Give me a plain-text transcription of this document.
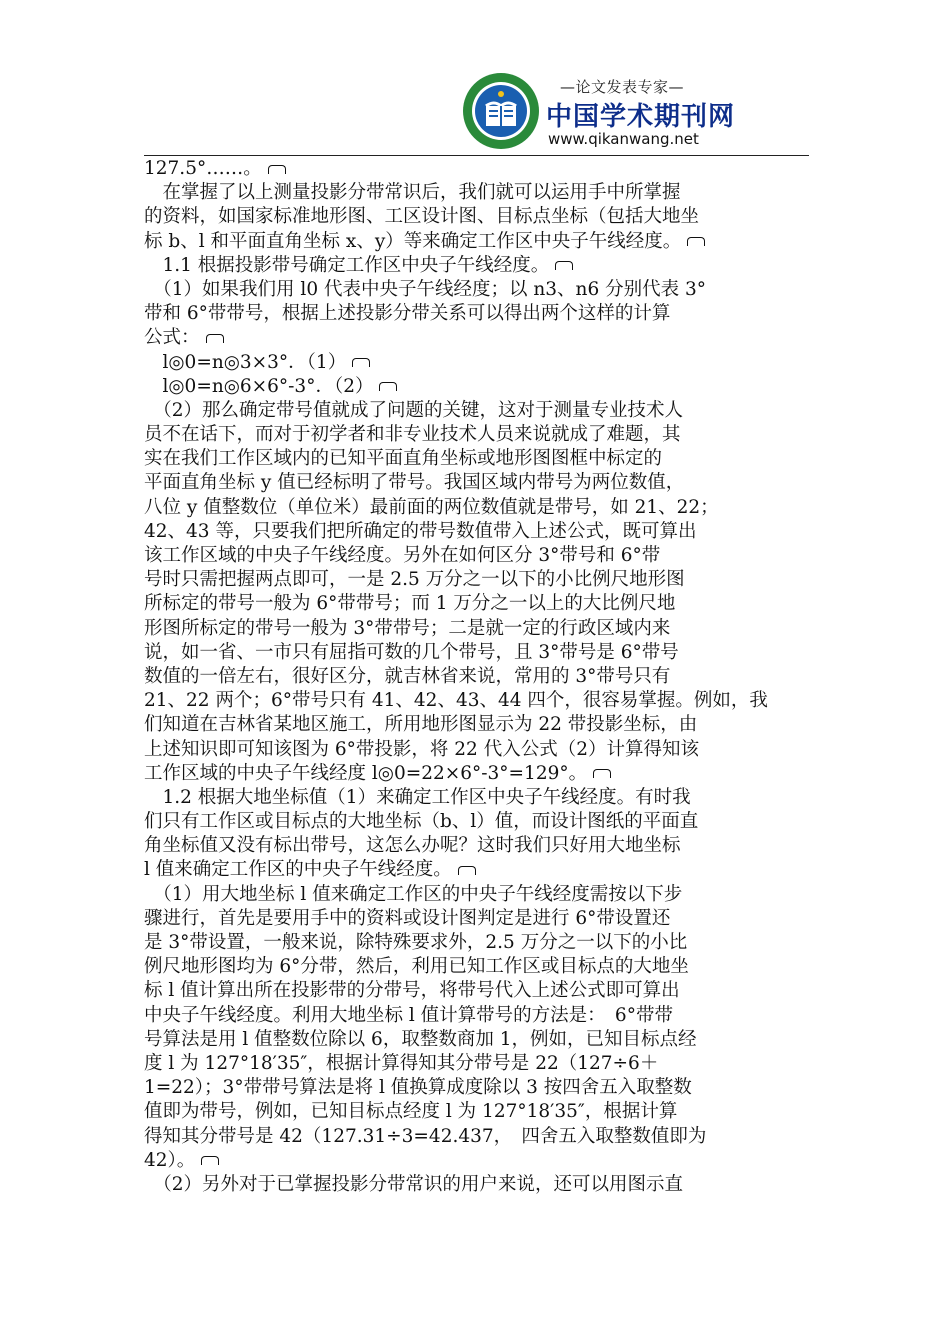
—论文发表专家—
中国学术期刊网
www.qikanwang.net
127.5°……。
　在掌握了以上测量投影分带常识后，我们就可以运用手中所掌握
的资料，如国家标准地形图、工区设计图、目标点坐标（包括大地坐
标 b、l 和平面直角坐标 x、y）等来确定工作区中央子午线经度。
　1.1 根据投影带号确定工作区中央子午线经度。
　（1）如果我们用 l0 代表中央子午线经度；以 n3、n6 分别代表 3°
带和 6°带带号，根据上述投影分带关系可以得出两个这样的计算
公式：
　l◎0=n◎3×3°．（1）
　l◎0=n◎6×6°-3°．（2）
　（2）那么确定带号值就成了问题的关键，这对于测量专业技术人
员不在话下，而对于初学者和非专业技术人员来说就成了难题，其
实在我们工作区域内的已知平面直角坐标或地形图图框中标定的
平面直角坐标 y 值已经标明了带号。我国区域内带号为两位数值，
八位 y 值整数位（单位米）最前面的两位数值就是带号，如 21、22；
42、43 等，只要我们把所确定的带号数值带入上述公式，既可算出
该工作区域的中央子午线经度。另外在如何区分 3°带号和 6°带
号时只需把握两点即可，一是 2.5 万分之一以下的小比例尺地形图
所标定的带号一般为 6°带带号；而 1 万分之一以上的大比例尺地
形图所标定的带号一般为 3°带带号；二是就一定的行政区域内来
说，如一省、一市只有屈指可数的几个带号，且 3°带号是 6°带号
数值的一倍左右，很好区分，就吉林省来说，常用的 3°带号只有
21、22 两个；6°带号只有 41、42、43、44 四个，很容易掌握。例如，我
们知道在吉林省某地区施工，所用地形图显示为 22 带投影坐标，由
上述知识即可知该图为 6°带投影，将 22 代入公式（2）计算得知该
工作区域的中央子午线经度 l◎0=22×6°-3°=129°。
　1.2 根据大地坐标值（1）来确定工作区中央子午线经度。有时我
们只有工作区或目标点的大地坐标（b、l）值，而设计图纸的平面直
角坐标值又没有标出带号，这怎么办呢？这时我们只好用大地坐标
l 值来确定工作区的中央子午线经度。
　（1）用大地坐标 l 值来确定工作区的中央子午线经度需按以下步
骤进行，首先是要用手中的资料或设计图判定是进行 6°带设置还
是 3°带设置，一般来说，除特殊要求外，2.5 万分之一以下的小比
例尺地形图均为 6°分带，然后，利用已知工作区或目标点的大地坐
标 l 值计算出所在投影带的分带号，将带号代入上述公式即可算出
中央子午线经度。利用大地坐标 l 值计算带号的方法是：　6°带带
号算法是用 l 值整数位除以 6，取整数商加 1，例如，已知目标点经
度 l 为 127°18′35″，根据计算得知其分带号是 22（127÷6＋
1=22）；3°带带号算法是将 l 值换算成度除以 3 按四舍五入取整数
值即为带号，例如，已知目标点经度 l 为 127°18′35″，根据计算
得知其分带号是 42（127.31÷3=42.437，　四舍五入取整数值即为
42）。
　（2）另外对于已掌握投影分带常识的用户来说，还可以用图示直
